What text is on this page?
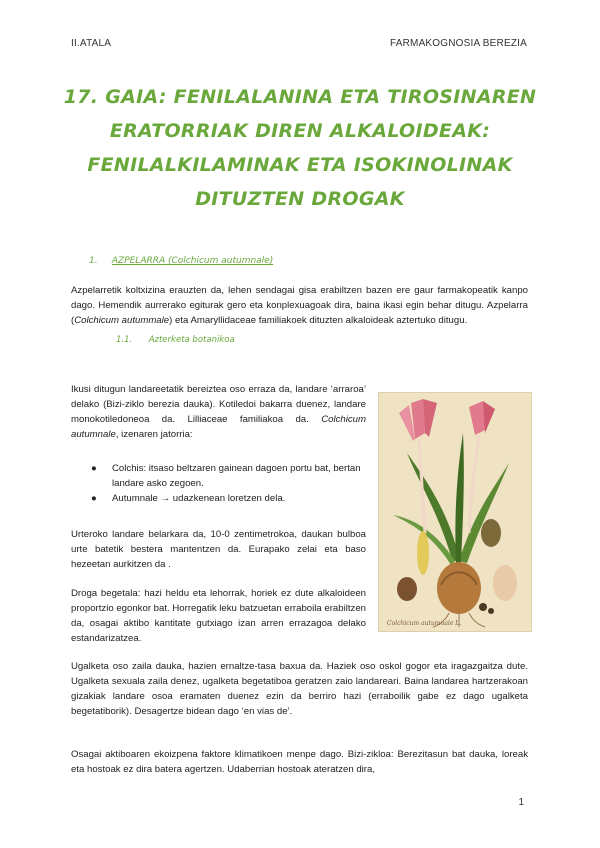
II.ATALA	FARMAKOGNOSIA BEREZIA
17. GAIA: FENILALANINA ETA TIROSINAREN
ERATORRIAK DIREN ALKALOIDEAK:
FENILALKILAMINAK ETA ISOKINOLINAK
DITUZTEN DROGAK
1. AZPELARRA (Colchicum autumnale)

Azpelarretik koltxizina erauzten da, lehen sendagai gisa erabiltzen bazen ere gaur farmakopeatik kanpo dago. Hemendik aurrerako egiturak gero eta konplexuagoak dira, baina ikasi egin behar ditugu. Azpelarra (Colchicum autummale) eta Amaryllidaceae familiakoek dituzten alkaloideak aztertuko ditugu.

1.1. Azterketa botanikoa

Ikusi ditugun landareetatik bereiztea oso erraza da, landare ‘arraroa’ delako (Bizi-ziklo berezia dauka). Kotiledoi bakarra duenez, landare monokotiledoneoa da. Lilliaceae familiakoa da. Colchicum autumnale, izenaren jatorria:

● Colchis: itsaso beltzaren gainean dagoen portu bat, bertan landare asko zegoen.
● Autumnale → udazkenean loretzen dela.

Urteroko landare belarkara da, 10-0 zentimetrokoa, daukan bulboa urte batetik bestera mantentzen da. Eurapako zelai eta baso hezeetan aurkitzen da .

Droga begetala: hazi heldu eta lehorrak, horiek ez dute alkaloideen proportzio egonkor bat. Horregatik leku batzuetan erraboila erabiltzen da, osagai aktibo kantitate gutxiago izan arren errazagoa delako estandarizatzea.

Ugalketa oso zaila dauka, hazien ernaltze-tasa baxua da. Haziek oso oskol gogor eta iragazgaitza dute. Ugalketa sexuala zaila denez, ugalketa begetatiboa geratzen zaio landareari. Baina landarea hartzerakoan gizakiak landare osoa eramaten duenez ezin da berriro hazi (erraboilik gabe ez dago ugalketa begetatiborik). Desagertze bidean dago ‘en vias de’.

Osagai aktiboaren ekoizpena faktore klimatikoen menpe dago. Bizi-zikloa: Berezitasun bat dauka, loreak eta hostoak ez dira batera agertzen. Udaberrian hostoak ateratzen dira,

Colchicum autumnale L.
1
